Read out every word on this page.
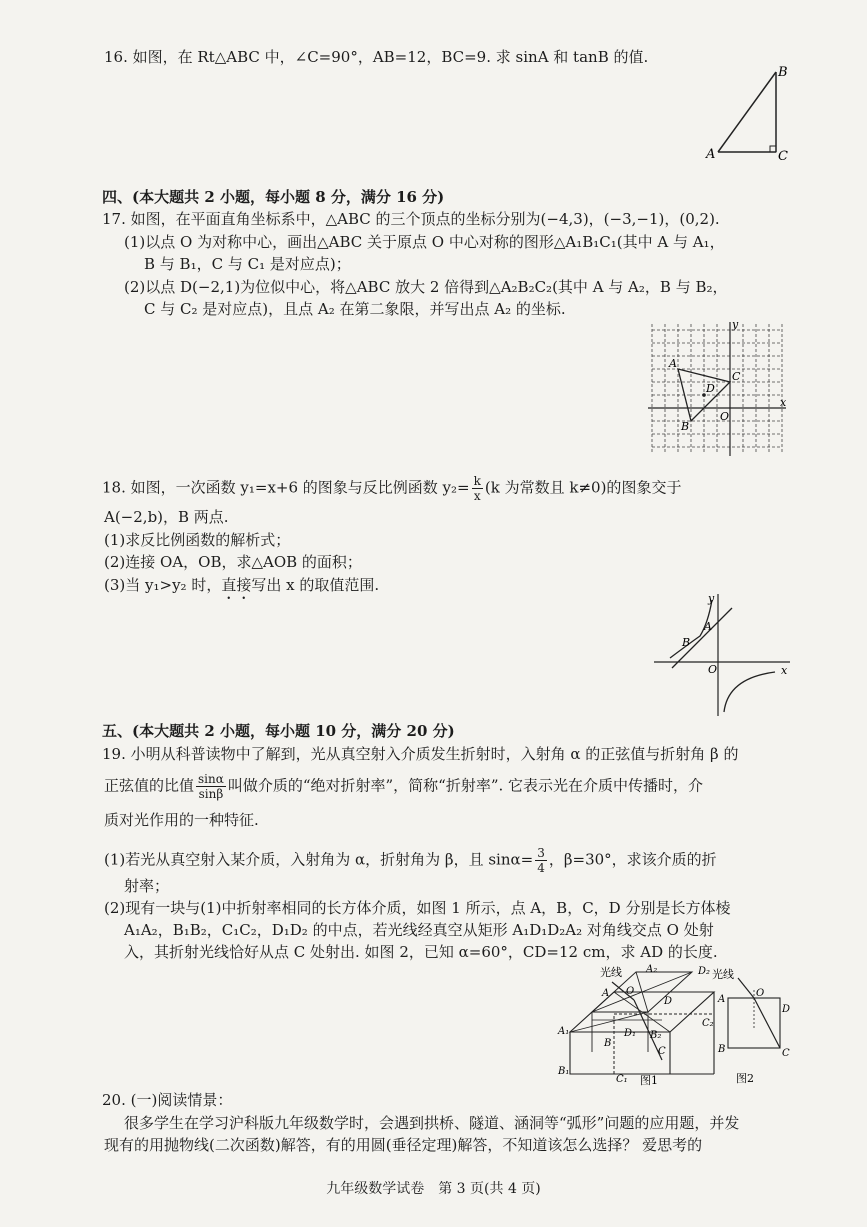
16. 如图，在 Rt△ABC 中，∠C=90°，AB=12，BC=9. 求 sinA 和 tanB 的值.
A
B
C
四、(本大题共 2 小题，每小题 8 分，满分 16 分)
17. 如图，在平面直角坐标系中，△ABC 的三个顶点的坐标分别为(−4,3)，(−3,−1)，(0,2).
(1)以点 O 为对称中心，画出△ABC 关于原点 O 中心对称的图形△A₁B₁C₁(其中 A 与 A₁，
B 与 B₁，C 与 C₁ 是对应点)；
(2)以点 D(−2,1)为位似中心，将△ABC 放大 2 倍得到△A₂B₂C₂(其中 A 与 A₂，B 与 B₂，
C 与 C₂ 是对应点)，且点 A₂ 在第二象限，并写出点 A₂ 的坐标.
y
x
A
B
C
D
O
18. 如图，一次函数 y₁=x+6 的图象与反比例函数 $y_2= \frac{k}{x} (k$ 为常数且 k≠0)的图象交于
A(−2,b)，B 两点.
(1)求反比例函数的解析式；
(2)连接 OA，OB，求△AOB 的面积；
(3)当 y₁>y₂ 时，直接写出 x 的取值范围.
y
x
A
B
O
五、(本大题共 2 小题，每小题 10 分，满分 20 分)
19. 小明从科普读物中了解到，光从真空射入介质发生折射时，入射角 α 的正弦值与折射角 β 的
正弦值的比值 $\frac{\sin\alpha}{\sin\beta}$ 叫做介质的“绝对折射率”，简称“折射率”. 它表示光在介质中传播时，介
质对光作用的一种特征.
(1)若光从真空射入某介质，入射角为 α，折射角为 β，且 $\sin\alpha= \frac{3}{4}$ ，β=30°，求该介质的折
射率；
(2)现有一块与(1)中折射率相同的长方体介质，如图 1 所示，点 A，B，C，D 分别是长方体棱
A₁A₂，B₁B₂，C₁C₂，D₁D₂ 的中点，若光线经真空从矩形 A₁D₁D₂A₂ 对角线交点 O 处射
入，其折射光线恰好从点 C 处射出. 如图 2，已知 α=60°，CD=12 cm，求 AD 的长度.
光线
A O
A₂	D₂
D
A₁	D₁ B₂
C₂
B
C
B₁
C₁ 图1
光线
A
O
D
B	C
图2
20. (一)阅读情景：
很多学生在学习沪科版九年级数学时，会遇到拱桥、隧道、涵洞等“弧形”问题的应用题，并发
现有的用抛物线(二次函数)解答，有的用圆(垂径定理)解答，不知道该怎么选择？ 爱思考的
九年级数学试卷　第 3 页(共 4 页)
